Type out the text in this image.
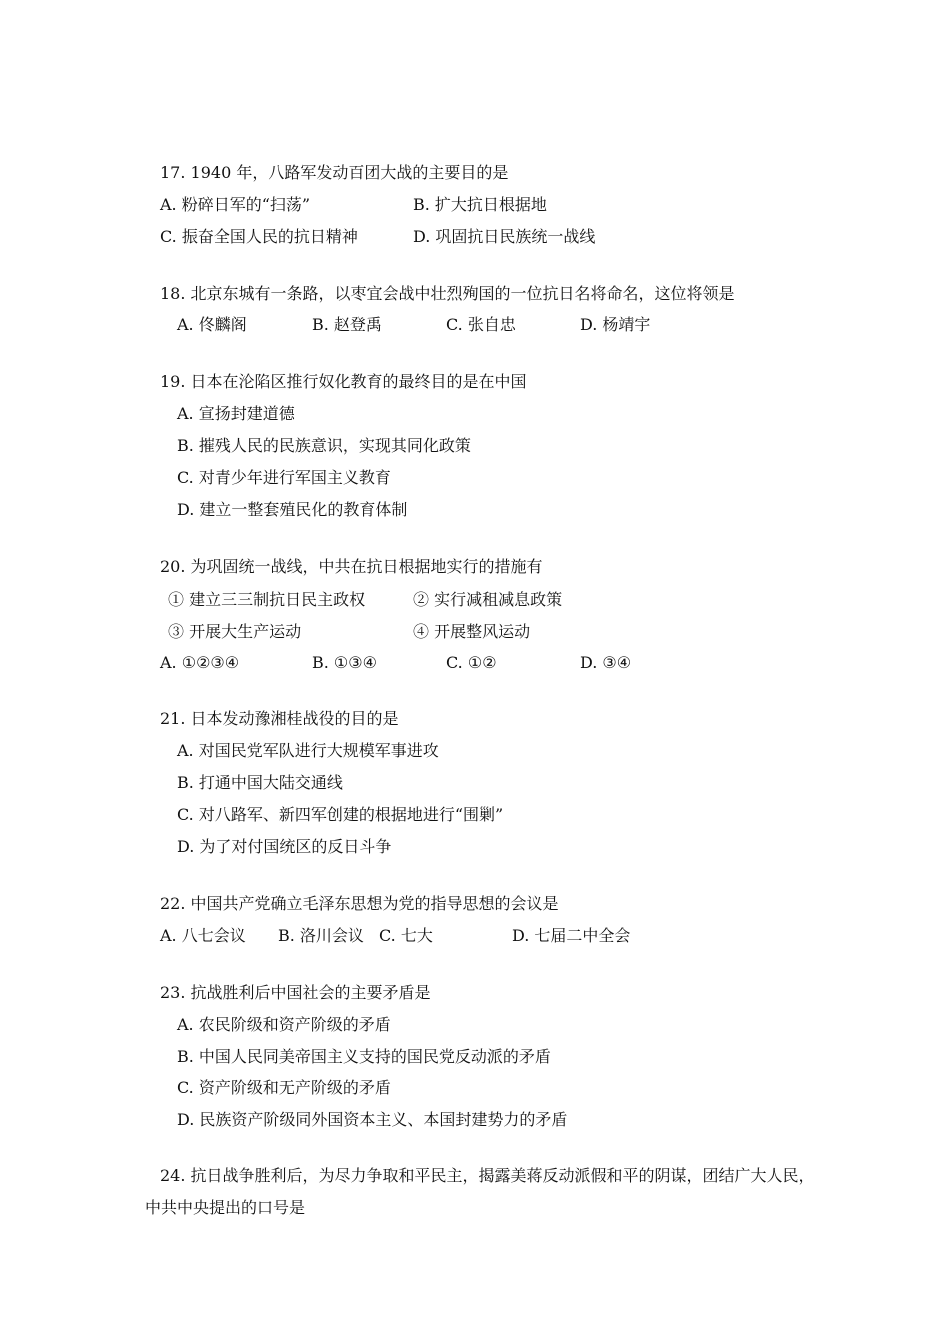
17. 1940 年，八路军发动百团大战的主要目的是
A. 粉碎日军的“扫荡”	B. 扩大抗日根据地
C. 振奋全国人民的抗日精神	D. 巩固抗日民族统一战线
18. 北京东城有一条路，以枣宜会战中壮烈殉国的一位抗日名将命名，这位将领是
A. 佟麟阁	B. 赵登禹	C. 张自忠	D. 杨靖宇
19. 日本在沦陷区推行奴化教育的最终目的是在中国
A. 宣扬封建道德
B. 摧残人民的民族意识，实现其同化政策
C. 对青少年进行军国主义教育
D. 建立一整套殖民化的教育体制
20. 为巩固统一战线，中共在抗日根据地实行的措施有
① 建立三三制抗日民主政权	② 实行减租减息政策
③ 开展大生产运动	④ 开展整风运动
A. ①②③④	B. ①③④	C. ①②	D. ③④
21. 日本发动豫湘桂战役的目的是
A. 对国民党军队进行大规模军事进攻
B. 打通中国大陆交通线
C. 对八路军、新四军创建的根据地进行“围剿”
D. 为了对付国统区的反日斗争
22. 中国共产党确立毛泽东思想为党的指导思想的会议是
A. 八七会议 B. 洛川会议 C. 七大	D. 七届二中全会
23. 抗战胜利后中国社会的主要矛盾是
A. 农民阶级和资产阶级的矛盾
B. 中国人民同美帝国主义支持的国民党反动派的矛盾
C. 资产阶级和无产阶级的矛盾
D. 民族资产阶级同外国资本主义、本国封建势力的矛盾
24. 抗日战争胜利后，为尽力争取和平民主，揭露美蒋反动派假和平的阴谋，团结广大人民，中共中央提出的口号是
